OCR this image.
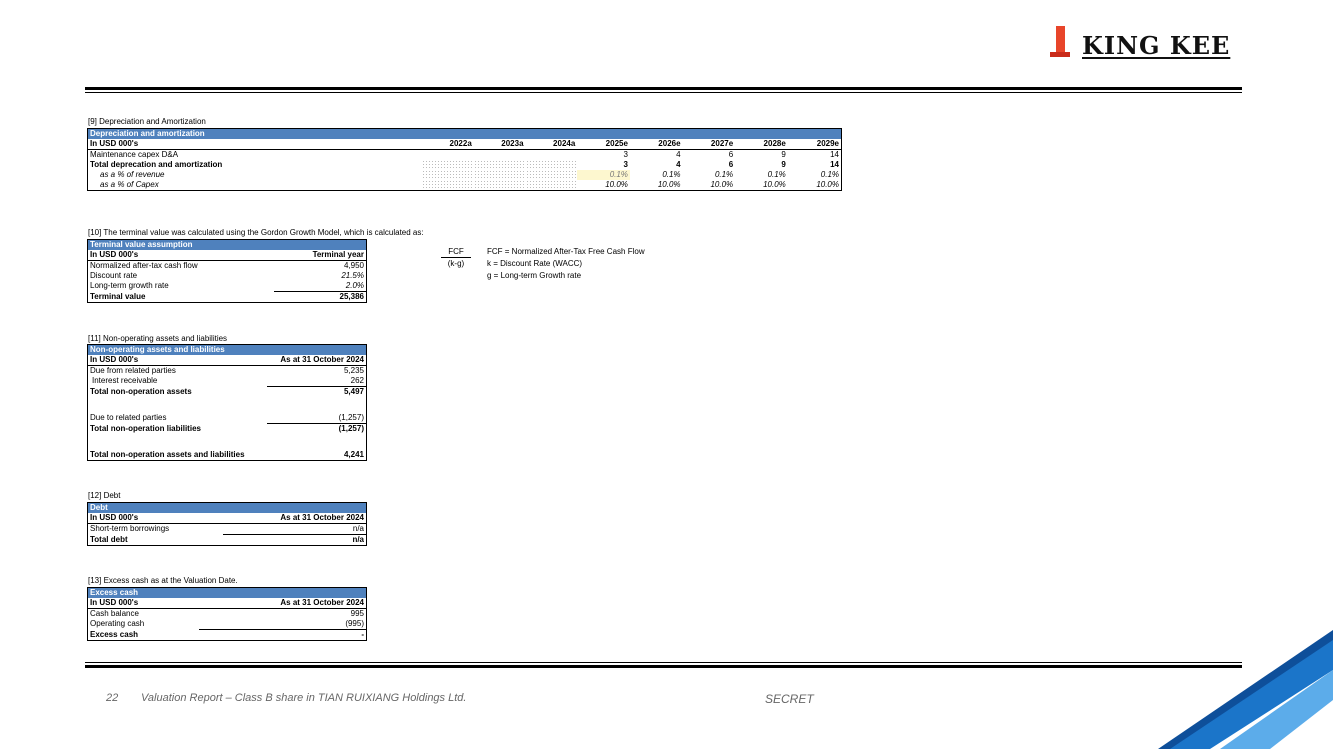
KING KEE
[9] Depreciation and Amortization
Depreciation and amortization								
In USD 000's	2022a	2023a	2024a	2025e	2026e	2027e	2028e	2029e
Maintenance capex D&A				3	4	6	9	14
Total deprecation and amortization				3	4	6	9	14
as a % of revenue				0.1%	0.1%	0.1%	0.1%	0.1%
as a % of Capex				10.0%	10.0%	10.0%	10.0%	10.0%
[10] The terminal value was calculated using the Gordon Growth Model, which is calculated as:
Terminal value assumption	
In USD 000's	Terminal year
Normalized after-tax cash flow	4,950
Discount rate	21.5%
Long-term growth rate	2.0%
Terminal value	25,386
FCF
(k-g)
FCF = Normalized After-Tax Free Cash Flow
k = Discount Rate (WACC)
g = Long-term Growth rate
[11] Non-operating assets and liabilities
Non-operating assets and liabilities	
In USD 000's	As at 31 October 2024
Due from related parties	5,235
Interest receivable	262
Total non-operation assets	5,497

Due to related parties	(1,257)
Total non-operation liabilities	(1,257)

Total non-operation assets and liabilities	4,241
[12] Debt
Debt	
In USD 000's	As at 31 October 2024
Short-term borrowings	n/a
Total debt	n/a
[13] Excess cash as at the Valuation Date.
Excess cash	
In USD 000's	As at 31 October 2024
Cash balance	995
Operating cash	(995)
Excess cash	-
22 Valuation Report – Class B share in TIAN RUIXIANG Holdings Ltd.	SECRET
